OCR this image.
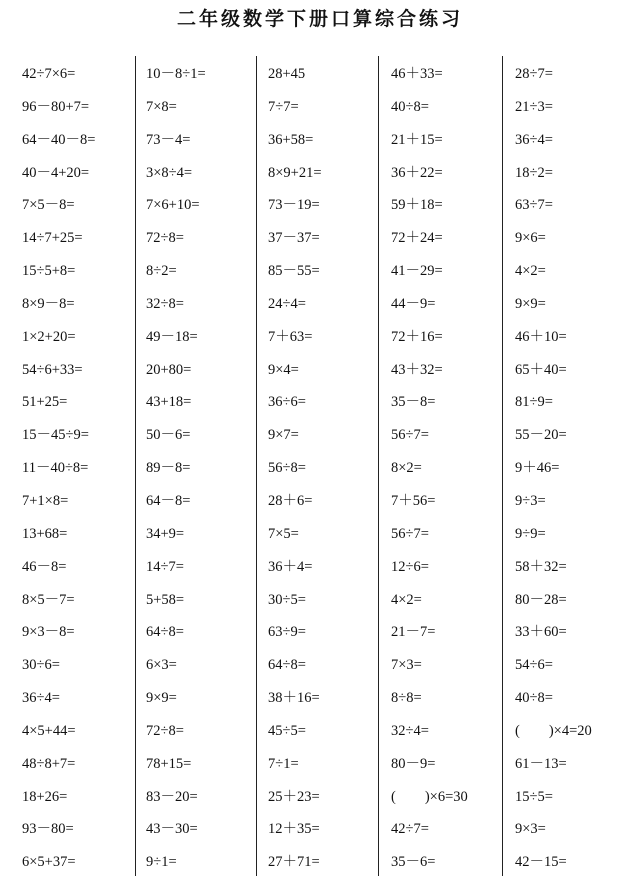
二年级数学下册口算综合练习
42÷7×6=
96－80+7=
64－40－8=
40－4+20=
7×5－8=
14÷7+25=
15÷5+8=
8×9－8=
1×2+20=
54÷6+33=
51+25=
15－45÷9=
11－40÷8=
7+1×8=
13+68=
46－8=
8×5－7=
9×3－8=
30÷6=
36÷4=
4×5+44=
48÷8+7=
18+26=
93－80=
6×5+37=
10－8÷1=
7×8=
73－4=
3×8÷4=
7×6+10=
72÷8=
8÷2=
32÷8=
49－18=
20+80=
43+18=
50－6=
89－8=
64－8=
34+9=
14÷7=
5+58=
64÷8=
6×3=
9×9=
72÷8=
78+15=
83－20=
43－30=
9÷1=
28+45
7÷7=
36+58=
8×9+21=
73－19=
37－37=
85－55=
24÷4=
7＋63=
9×4=
36÷6=
9×7=
56÷8=
28＋6=
7×5=
36＋4=
30÷5=
63÷9=
64÷8=
38＋16=
45÷5=
7÷1=
25＋23=
12＋35=
27＋71=
46＋33=
40÷8=
21＋15=
36＋22=
59＋18=
72＋24=
41－29=
44－9=
72＋16=
43＋32=
35－8=
56÷7=
8×2=
7＋56=
56÷7=
12÷6=
4×2=
21－7=
7×3=
8÷8=
32÷4=
80－9=
(　　)×6=30
42÷7=
35－6=
28÷7=
21÷3=
36÷4=
18÷2=
63÷7=
9×6=
4×2=
9×9=
46＋10=
65＋40=
81÷9=
55－20=
9＋46=
9÷3=
9÷9=
58＋32=
80－28=
33＋60=
54÷6=
40÷8=
(　　)×4=20
61－13=
15÷5=
9×3=
42－15=
